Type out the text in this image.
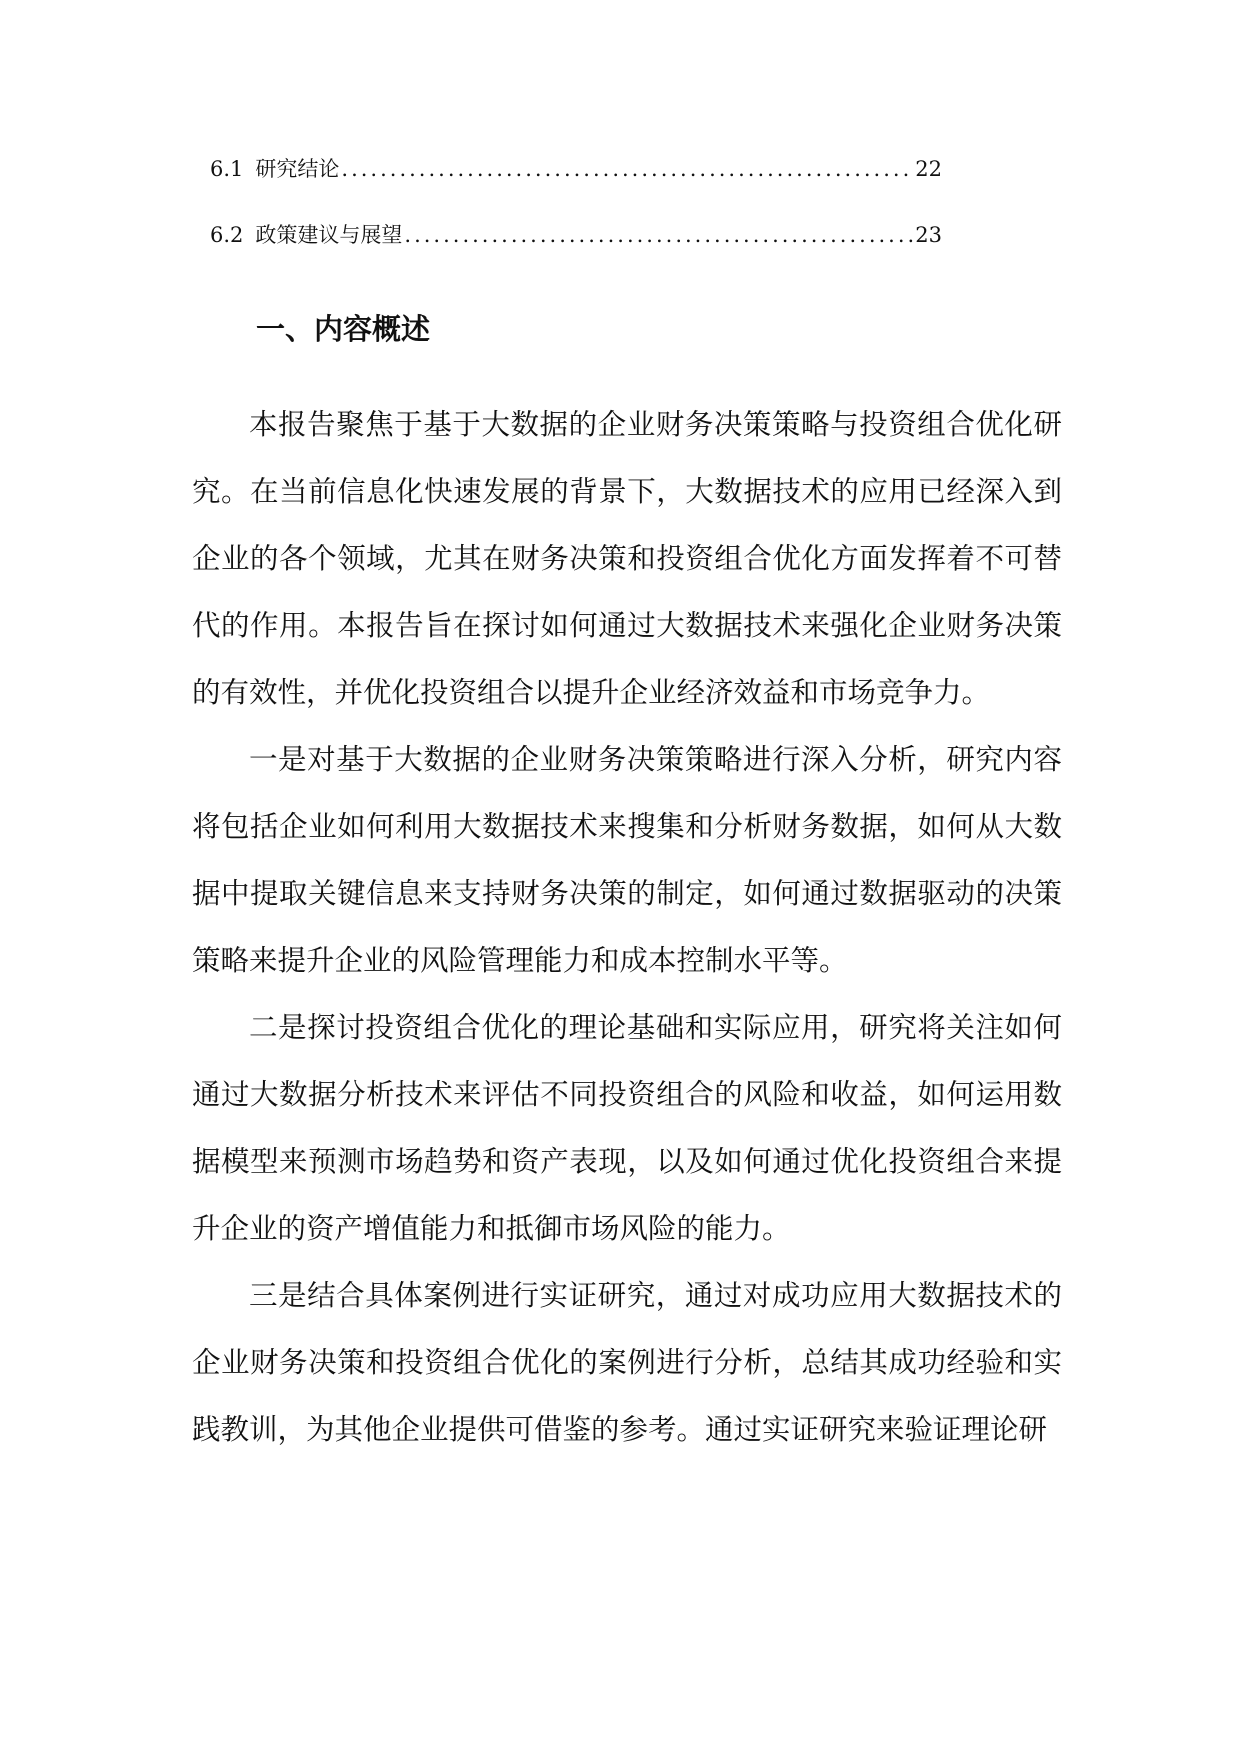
6.1 研究结论 .....	22
6.2 政策建议与展望 .....	23
一、内容概述

本报告聚焦于基于大数据的企业财务决策策略与投资组合优化研究。在当前信息化快速发展的背景下，大数据技术的应用已经深入到企业的各个领域，尤其在财务决策和投资组合优化方面发挥着不可替代的作用。本报告旨在探讨如何通过大数据技术来强化企业财务决策的有效性，并优化投资组合以提升企业经济效益和市场竞争力。

一是对基于大数据的企业财务决策策略进行深入分析，研究内容将包括企业如何利用大数据技术来搜集和分析财务数据，如何从大数据中提取关键信息来支持财务决策的制定，如何通过数据驱动的决策策略来提升企业的风险管理能力和成本控制水平等。

二是探讨投资组合优化的理论基础和实际应用，研究将关注如何通过大数据分析技术来评估不同投资组合的风险和收益，如何运用数据模型来预测市场趋势和资产表现，以及如何通过优化投资组合来提升企业的资产增值能力和抵御市场风险的能力。

三是结合具体案例进行实证研究，通过对成功应用大数据技术的企业财务决策和投资组合优化的案例进行分析，总结其成功经验和实践教训，为其他企业提供可借鉴的参考。通过实证研究来验证理论研
